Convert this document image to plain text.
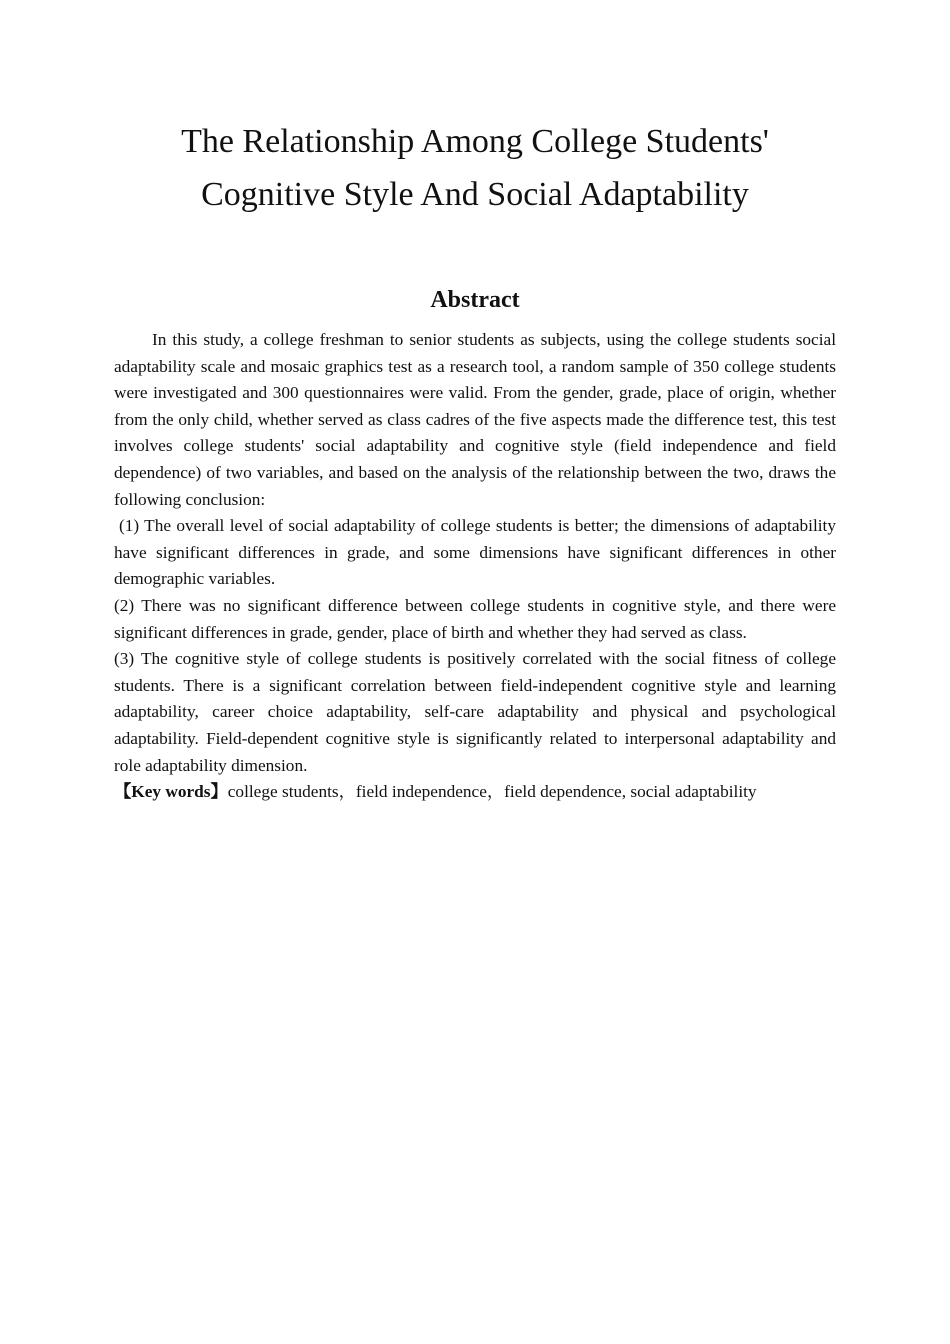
The Relationship Among College Students'
Cognitive Style And Social Adaptability
Abstract

In this study, a college freshman to senior students as subjects, using the college students social adaptability scale and mosaic graphics test as a research tool, a random sample of 350 college students were investigated and 300 questionnaires were valid. From the gender, grade, place of origin, whether from the only child, whether served as class cadres of the five aspects made the difference test, this test involves college students' social adaptability and cognitive style (field independence and field dependence) of two variables, and based on the analysis of the relationship between the two, draws the following conclusion:

(1) The overall level of social adaptability of college students is better; the dimensions of adaptability have significant differences in grade, and some dimensions have significant differences in other demographic variables.

(2) There was no significant difference between college students in cognitive style, and there were significant differences in grade, gender, place of birth and whether they had served as class.

(3) The cognitive style of college students is positively correlated with the social fitness of college students. There is a significant correlation between field-independent cognitive style and learning adaptability, career choice adaptability, self-care adaptability and physical and psychological adaptability. Field-dependent cognitive style is significantly related to interpersonal adaptability and role adaptability dimension.

【Key words】college students，field independence，field dependence, social adaptability
